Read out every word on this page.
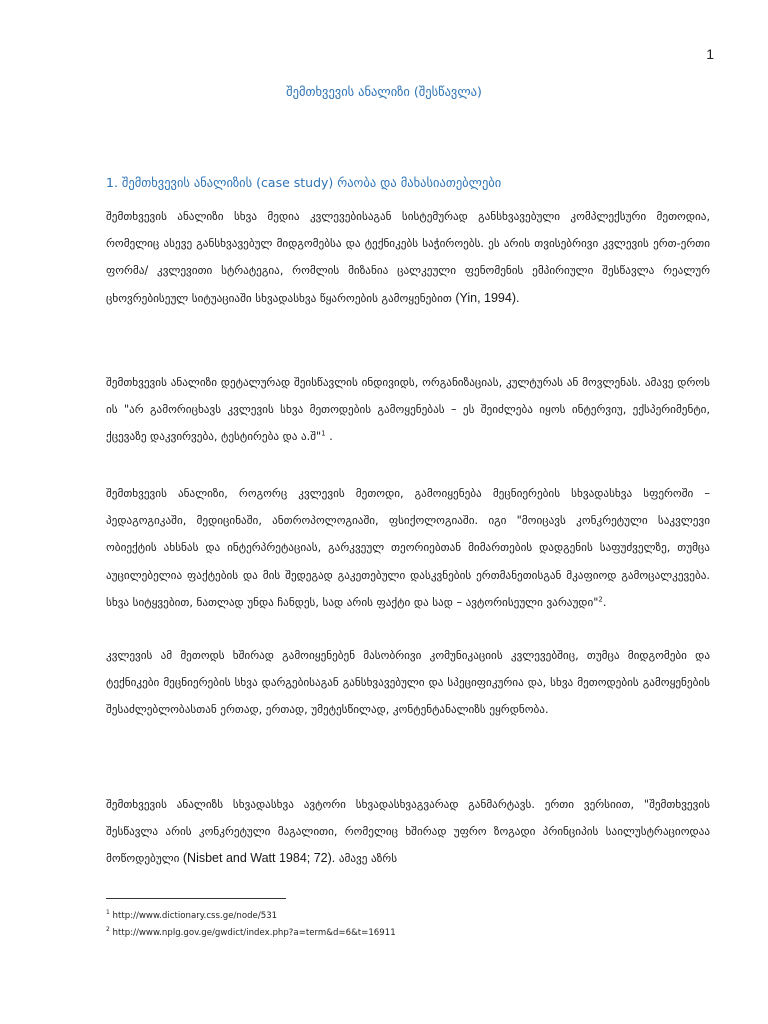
1
შემთხვევის ანალიზი (შესწავლა)
1. შემთხვევის ანალიზის (case study) რაობა და მახასიათებლები

შემთხვევის ანალიზი სხვა მედია კვლევებისაგან სისტემურად განსხვავებული კომპლექსური მეთოდია, რომელიც ასევე განსხვავებულ მიდგომებსა და ტექნიკებს საჭიროებს. ეს არის თვისებრივი კვლევის ერთ-ერთი ფორმა/ კვლევითი სტრატეგია, რომლის მიზანია ცალკეული ფენომენის ემპირიული შესწავლა რეალურ ცხოვრებისეულ სიტუაციაში სხვადასხვა წყაროების გამოყენებით (Yin, 1994).

შემთხვევის ანალიზი დეტალურად შეისწავლის ინდივიდს, ორგანიზაციას, კულტურას ან მოვლენას. ამავე დროს ის "არ გამორიცხავს კვლევის სხვა მეთოდების გამოყენებას – ეს შეიძლება იყოს ინტერვიუ, ექსპერიმენტი, ქცევაზე დაკვირვება, ტესტირება და ა.შ"$^1$ .

შემთხვევის ანალიზი, როგორც კვლევის მეთოდი, გამოიყენება მეცნიერების სხვადასხვა სფეროში – პედაგოგიკაში, მედიცინაში, ანთროპოლოგიაში, ფსიქოლოგიაში. იგი "მოიცავს კონკრეტული საკვლევი ობიექტის ახსნას და ინტერპრეტაციას, გარკვეულ თეორიებთან მიმართების დადგენის საფუძველზე, თუმცა აუცილებელია ფაქტების და მის შედეგად გაკეთებული დასკვნების ერთმანეთისგან მკაფიოდ გამოცალკევება. სხვა სიტყვებით, ნათლად უნდა ჩანდეს, სად არის ფაქტი და სად – ავტორისეული ვარაუდი"$^2$.

კვლევის ამ მეთოდს ხშირად გამოიყენებენ მასობრივი კომუნიკაციის კვლევებშიც, თუმცა მიდგომები და ტექნიკები მეცნიერების სხვა დარგებისაგან განსხვავებული და სპეციფიკურია და, სხვა მეთოდების გამოყენების შესაძლებლობასთან ერთად, ერთად, უმეტესწილად, კონტენტანალიზს ეყრდნობა.

შემთხვევის ანალიზს სხვადასხვა ავტორი სხვადასხვაგვარად განმარტავს. ერთი ვერსიით, "შემთხვევის შესწავლა არის კონკრეტული მაგალითი, რომელიც ხშირად უფრო ზოგადი პრინციპის საილუსტრაციოდაა მოწოდებული (Nisbet and Watt 1984; 72). ამავე აზრს

$^1$ http://www.dictionary.css.ge/node/531
$^2$ http://www.nplg.gov.ge/gwdict/index.php?a=term&d=6&t=16911
